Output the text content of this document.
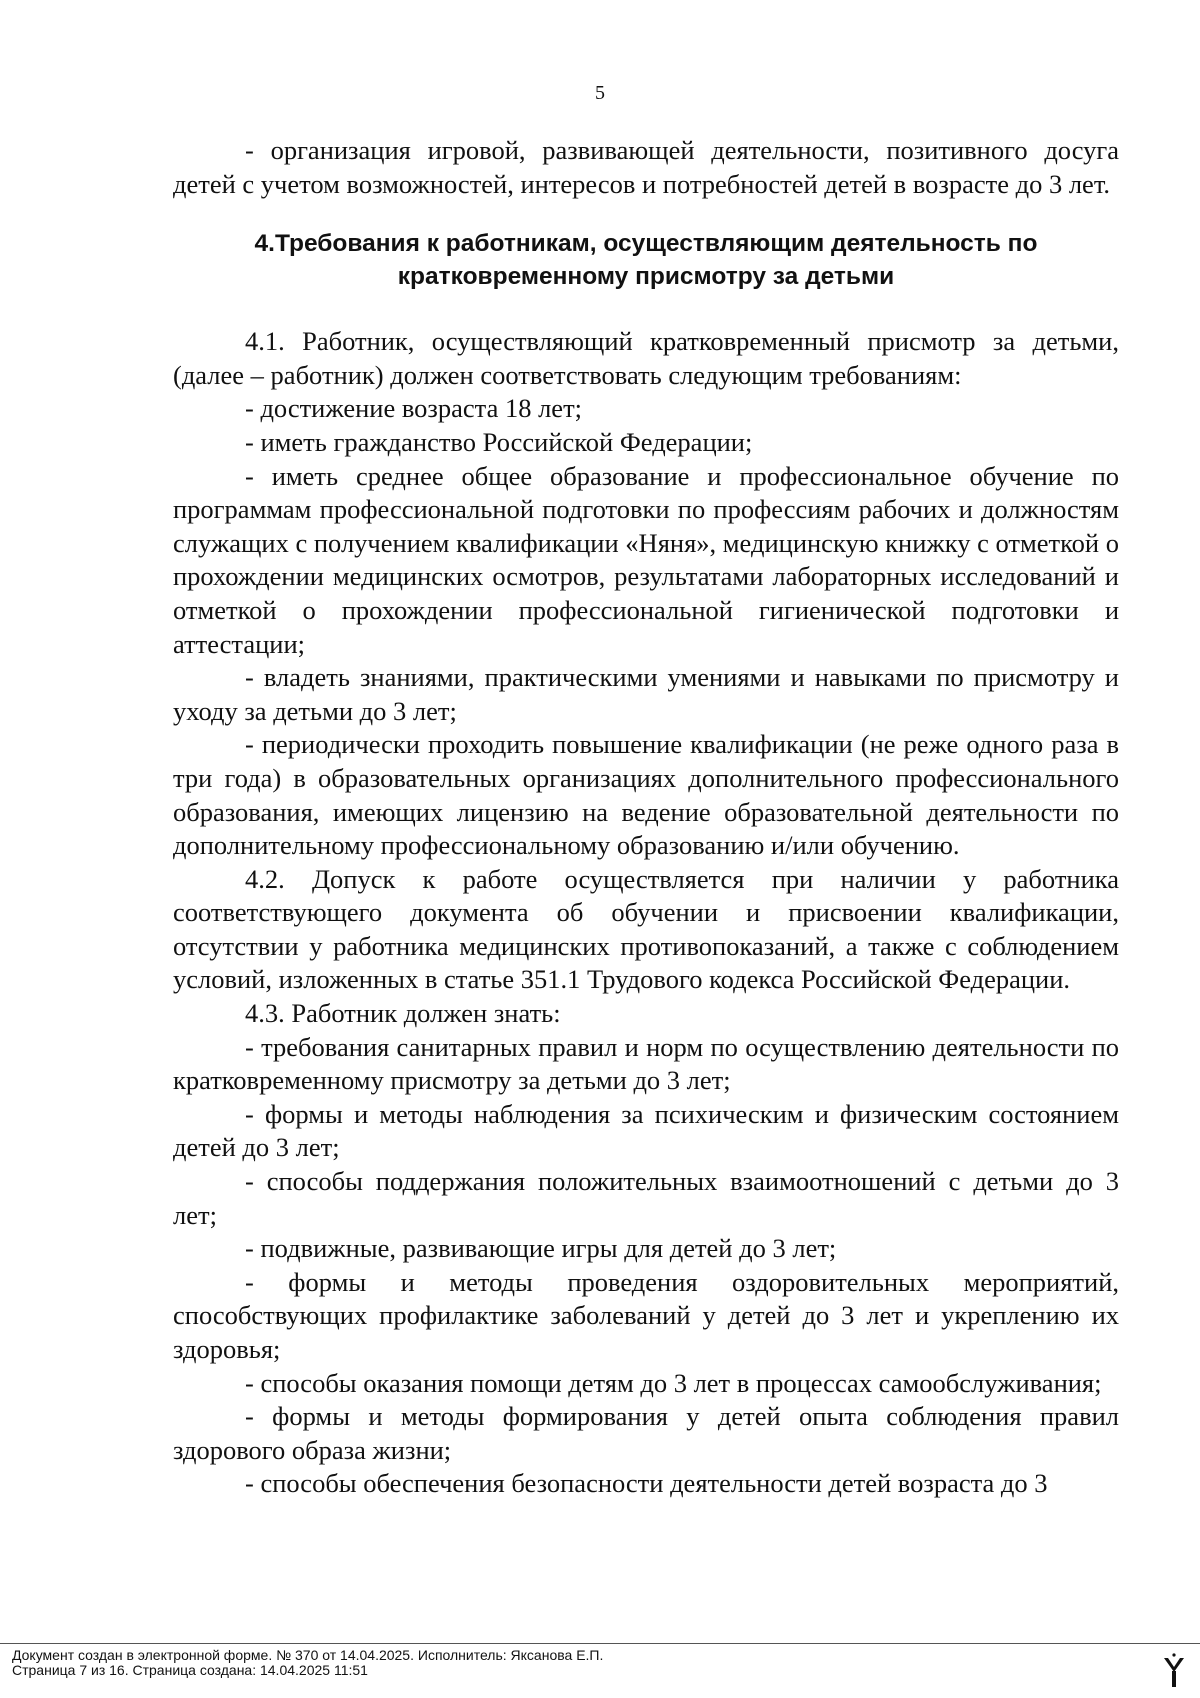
5

- организация игровой, развивающей деятельности, позитивного досуга детей с учетом возможностей, интересов и потребностей детей в возрасте до 3 лет.

4.Требования к работникам, осуществляющим деятельность по
кратковременному присмотру за детьми

4.1. Работник, осуществляющий кратковременный присмотр за детьми, (далее – работник) должен соответствовать следующим требованиям:

- достижение возраста 18 лет;

- иметь гражданство Российской Федерации;

- иметь среднее общее образование и профессиональное обучение по программам профессиональной подготовки по профессиям рабочих и должностям служащих с получением квалификации «Няня», медицинскую книжку с отметкой о прохождении медицинских осмотров, результатами лабораторных исследований и отметкой о прохождении профессиональной гигиенической подготовки и аттестации;

- владеть знаниями, практическими умениями и навыками по присмотру и уходу за детьми до 3 лет;

- периодически проходить повышение квалификации (не реже одного раза в три года) в образовательных организациях дополнительного профессионального образования, имеющих лицензию на ведение образовательной деятельности по дополнительному профессиональному образованию и/или обучению.

4.2. Допуск к работе осуществляется при наличии у работника соответствующего документа об обучении и присвоении квалификации, отсутствии у работника медицинских противопоказаний, а также с соблюдением условий, изложенных в статье 351.1 Трудового кодекса Российской Федерации.

4.3. Работник должен знать:

- требования санитарных правил и норм по осуществлению деятельности по кратковременному присмотру за детьми до 3 лет;

- формы и методы наблюдения за психическим и физическим состоянием детей до 3 лет;

- способы поддержания положительных взаимоотношений с детьми до 3 лет;

- подвижные, развивающие игры для детей до 3 лет;

- формы и методы проведения оздоровительных мероприятий, способствующих профилактике заболеваний у детей до 3 лет и укреплению их здоровья;

- способы оказания помощи детям до 3 лет в процессах самообслуживания;

- формы и методы формирования у детей опыта соблюдения правил здорового образа жизни;

- способы обеспечения безопасности деятельности детей возраста до 3

Документ создан в электронной форме. № 370 от 14.04.2025. Исполнитель: Яксанова Е.П.
Страница 7 из 16. Страница создана: 14.04.2025 11:51
